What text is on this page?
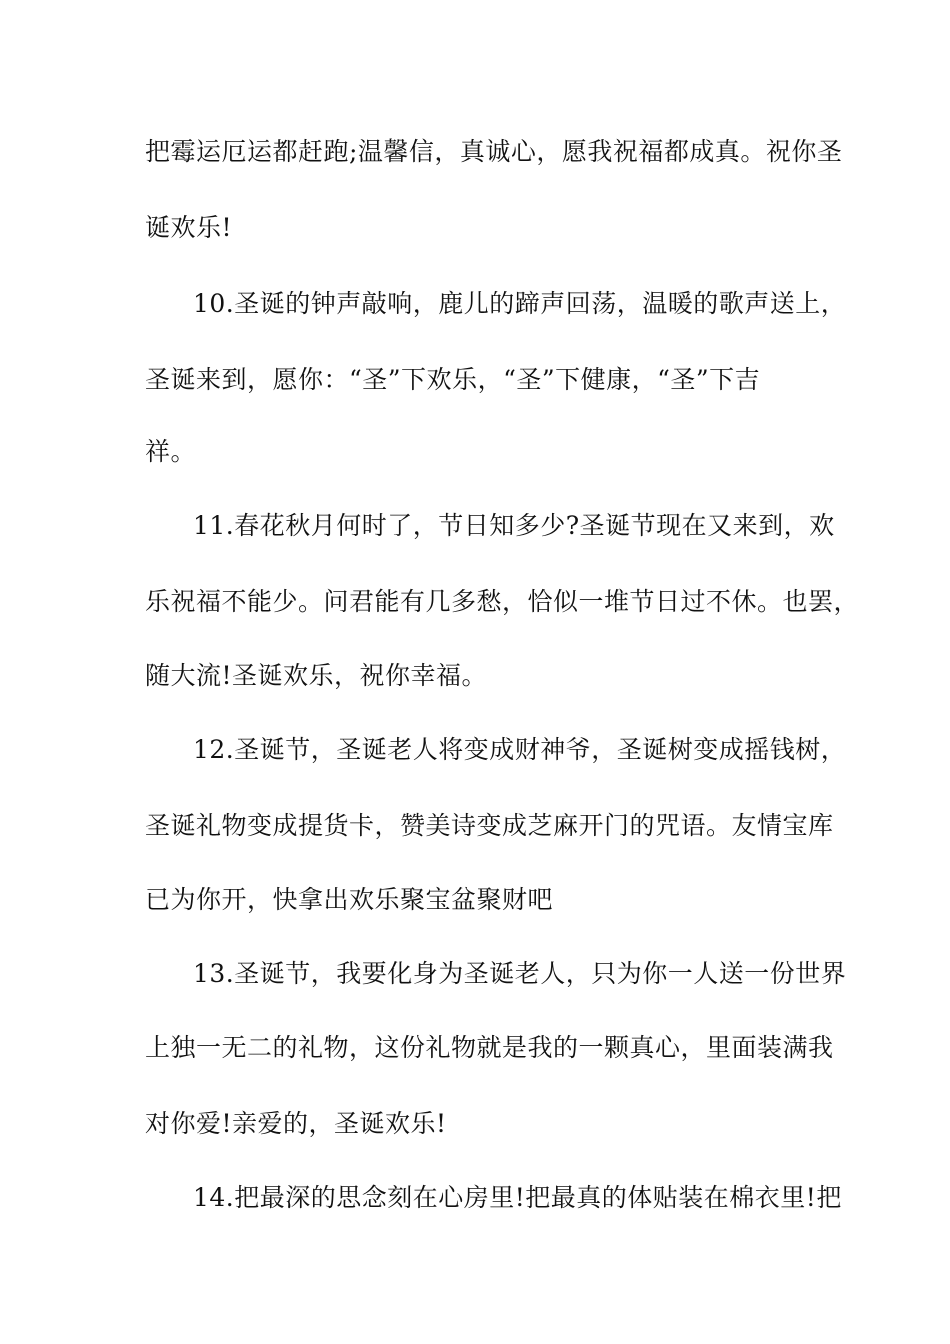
把霉运厄运都赶跑;温馨信，真诚心，愿我祝福都成真。祝你圣
诞欢乐!
10.圣诞的钟声敲响，鹿儿的蹄声回荡，温暖的歌声送上，
圣诞来到，愿你：“圣”下欢乐，“圣”下健康，“圣”下吉
祥。
11.春花秋月何时了，节日知多少?圣诞节现在又来到，欢
乐祝福不能少。问君能有几多愁，恰似一堆节日过不休。也罢，
随大流!圣诞欢乐，祝你幸福。
12.圣诞节，圣诞老人将变成财神爷，圣诞树变成摇钱树，
圣诞礼物变成提货卡，赞美诗变成芝麻开门的咒语。友情宝库
已为你开，快拿出欢乐聚宝盆聚财吧
13.圣诞节，我要化身为圣诞老人，只为你一人送一份世界
上独一无二的礼物，这份礼物就是我的一颗真心，里面装满我
对你爱!亲爱的，圣诞欢乐!
14.把最深的思念刻在心房里!把最真的体贴装在棉衣里!把
